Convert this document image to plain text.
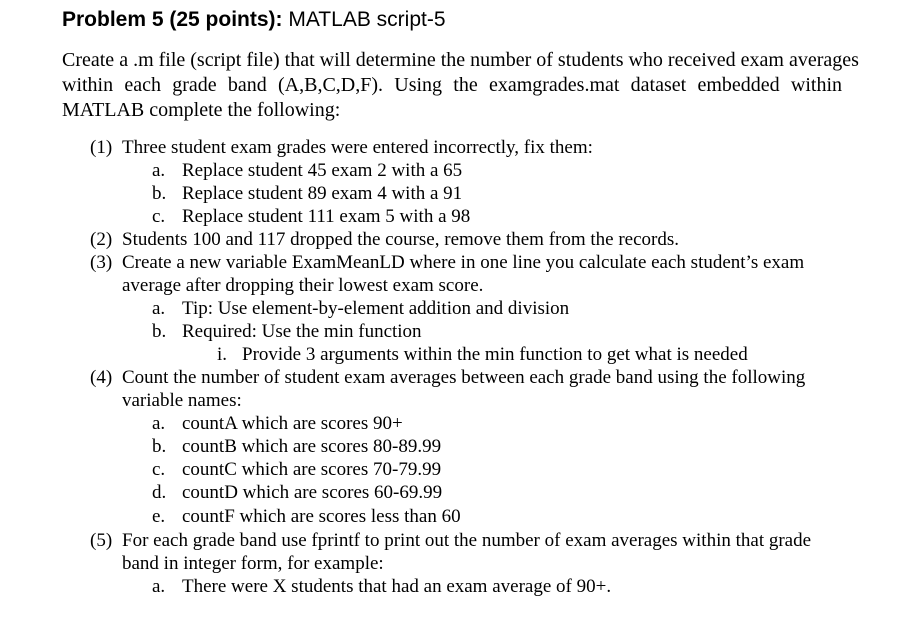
Problem 5 (25 points): MATLAB script-5
Create a .m file (script file) that will determine the number of students who received exam averages
within each grade band (A,B,C,D,F). Using the examgrades.mat dataset embedded within
MATLAB complete the following:
(1) Three student exam grades were entered incorrectly, fix them:
a. Replace student 45 exam 2 with a 65
b. Replace student 89 exam 4 with a 91
c. Replace student 111 exam 5 with a 98
(2) Students 100 and 117 dropped the course, remove them from the records.
(3) Create a new variable ExamMeanLD where in one line you calculate each student’s exam
average after dropping their lowest exam score.
a. Tip: Use element-by-element addition and division
b. Required: Use the min function
i. Provide 3 arguments within the min function to get what is needed
(4) Count the number of student exam averages between each grade band using the following
variable names:
a. countA which are scores 90+
b. countB which are scores 80-89.99
c. countC which are scores 70-79.99
d. countD which are scores 60-69.99
e. countF which are scores less than 60
(5) For each grade band use fprintf to print out the number of exam averages within that grade
band in integer form, for example:
a. There were X students that had an exam average of 90+.
